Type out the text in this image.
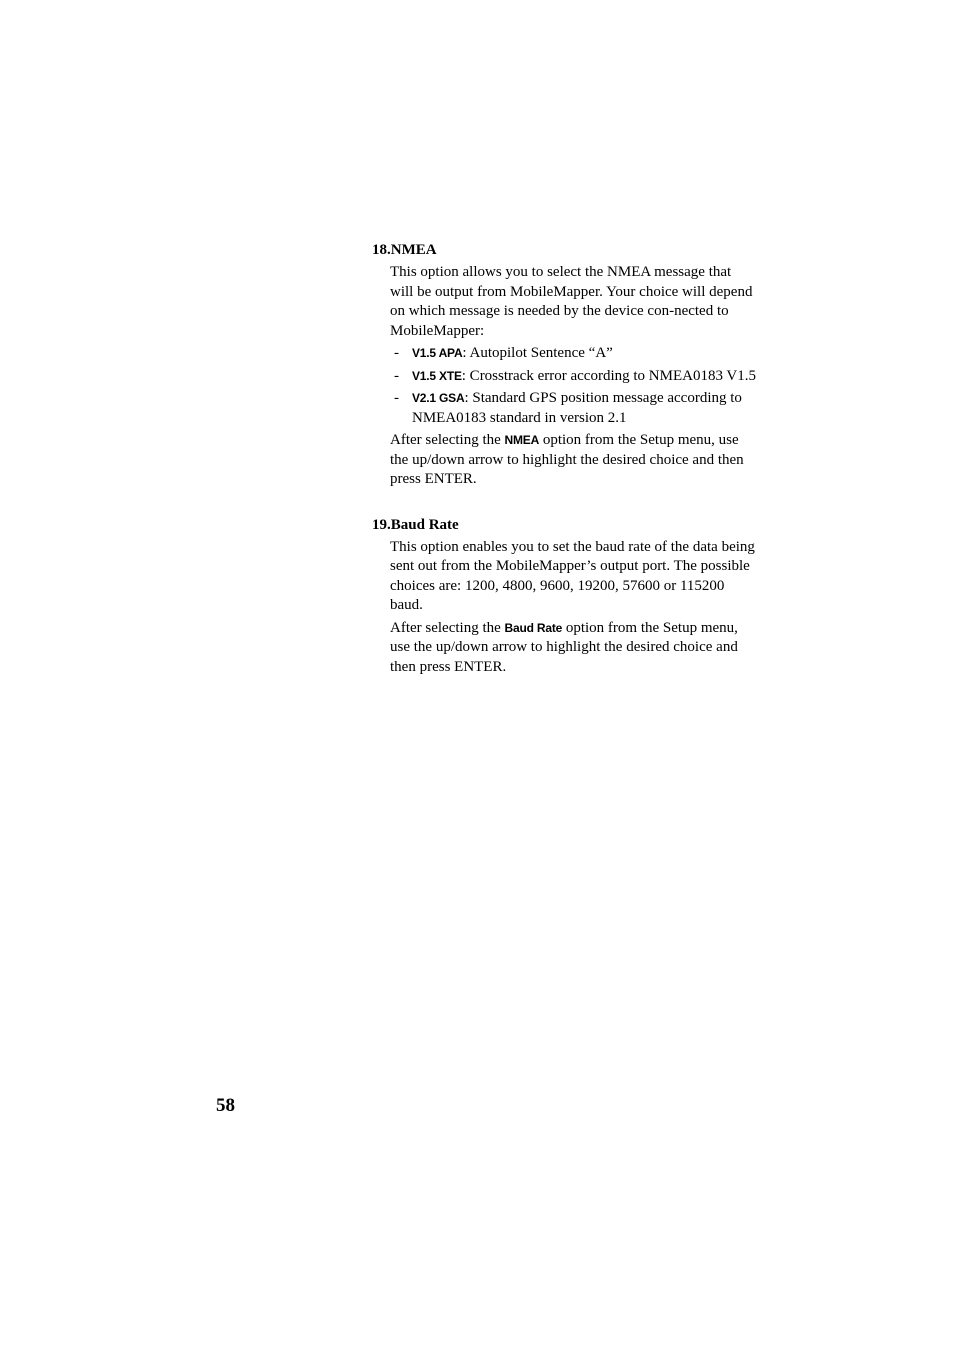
18.NMEA

This option allows you to select the NMEA message that will be output from MobileMapper. Your choice will depend on which message is needed by the device con-nected to MobileMapper:

- V1.5 APA: Autopilot Sentence “A”
- V1.5 XTE: Crosstrack error according to NMEA0183 V1.5
- V2.1 GSA: Standard GPS position message according to NMEA0183 standard in version 2.1

After selecting the NMEA option from the Setup menu, use the up/down arrow to highlight the desired choice and then press ENTER.

19.Baud Rate

This option enables you to set the baud rate of the data being sent out from the MobileMapper’s output port. The possible choices are: 1200, 4800, 9600, 19200, 57600 or 115200 baud.

After selecting the Baud Rate option from the Setup menu, use the up/down arrow to highlight the desired choice and then press ENTER.

58
